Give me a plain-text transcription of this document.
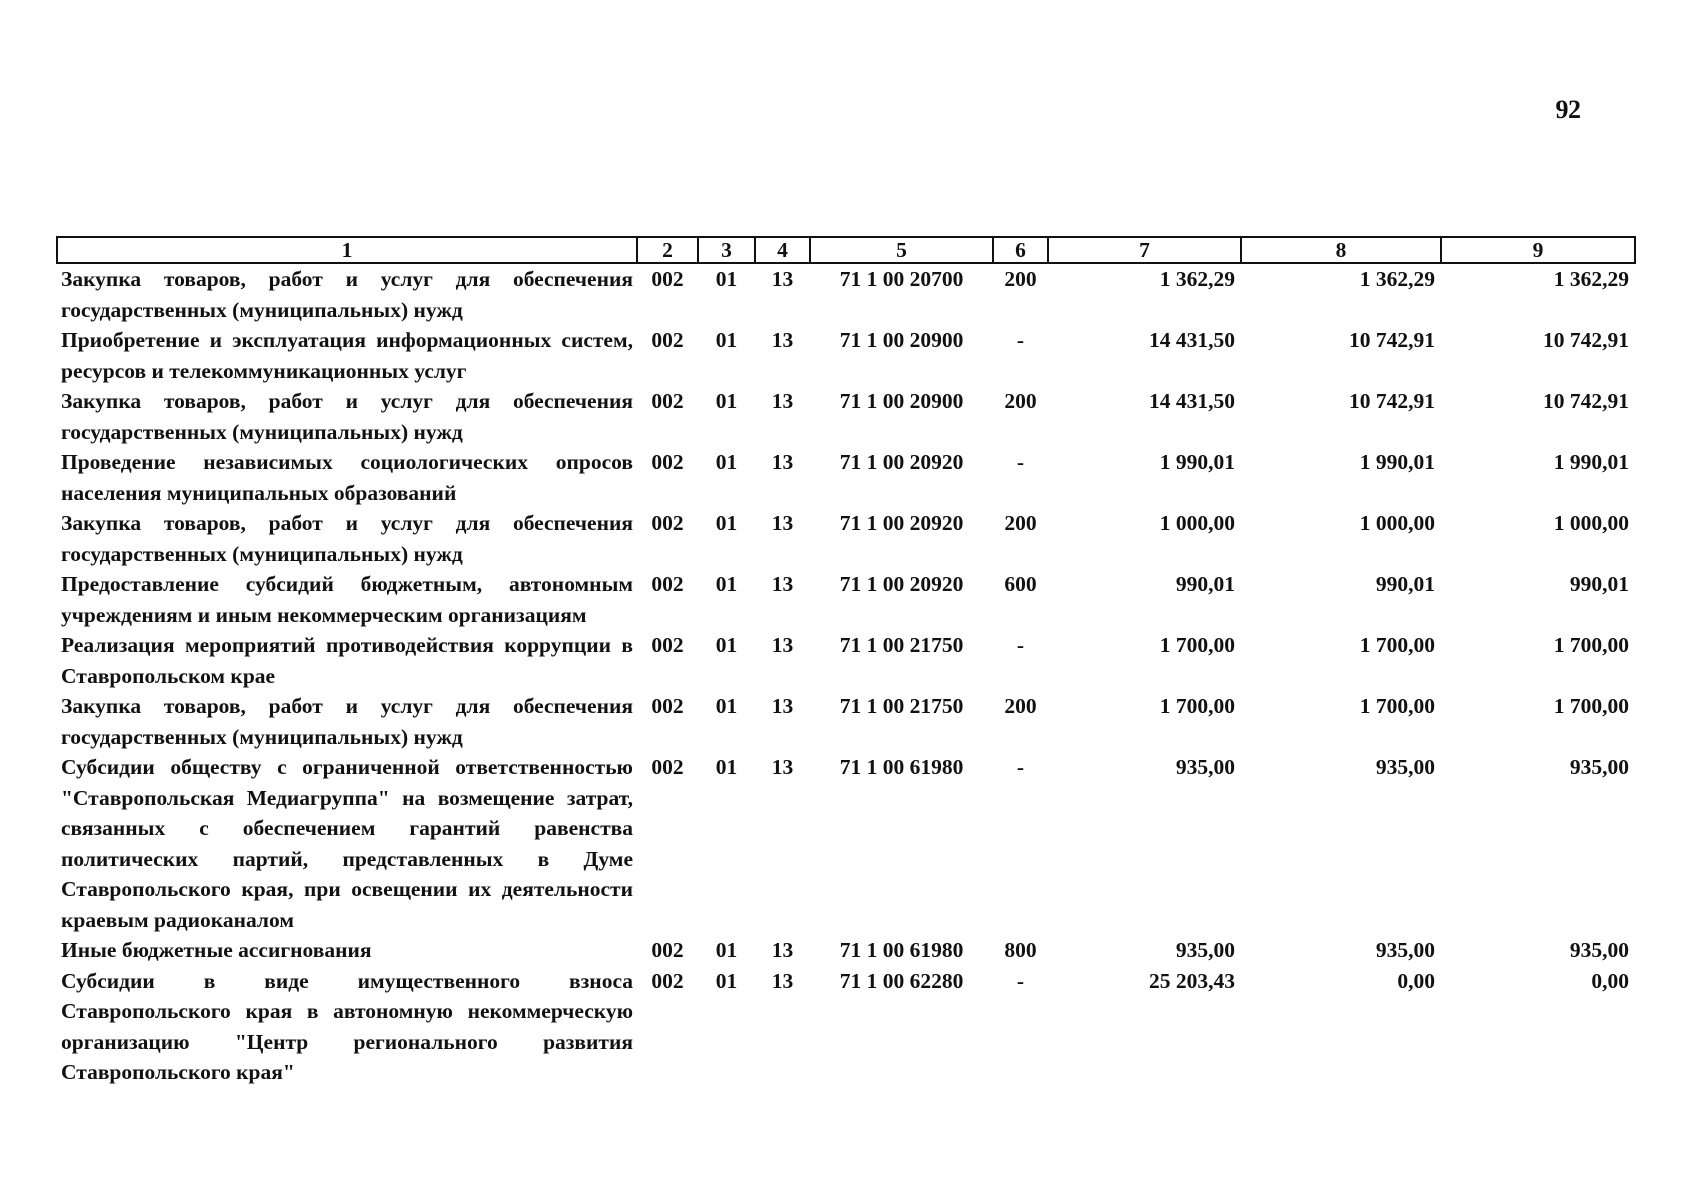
92
1	2	3	4	5	6	7	8	9
Закупка товаров, работ и услуг для обеспечения государственных (муниципальных) нужд	002	01	13	71 1 00 20700	200	1 362,29	1 362,29	1 362,29
Приобретение и эксплуатация информационных систем, ресурсов и телекоммуникационных услуг	002	01	13	71 1 00 20900	-	14 431,50	10 742,91	10 742,91
Закупка товаров, работ и услуг для обеспечения государственных (муниципальных) нужд	002	01	13	71 1 00 20900	200	14 431,50	10 742,91	10 742,91
Проведение независимых социологических опросов населения муниципальных образований	002	01	13	71 1 00 20920	-	1 990,01	1 990,01	1 990,01
Закупка товаров, работ и услуг для обеспечения государственных (муниципальных) нужд	002	01	13	71 1 00 20920	200	1 000,00	1 000,00	1 000,00
Предоставление субсидий бюджетным, автономным учреждениям и иным некоммерческим организациям	002	01	13	71 1 00 20920	600	990,01	990,01	990,01
Реализация мероприятий противодействия коррупции в Ставропольском крае	002	01	13	71 1 00 21750	-	1 700,00	1 700,00	1 700,00
Закупка товаров, работ и услуг для обеспечения государственных (муниципальных) нужд	002	01	13	71 1 00 21750	200	1 700,00	1 700,00	1 700,00
Субсидии обществу с ограниченной ответственностью "Ставропольская Медиагруппа" на возмещение затрат, связанных с обеспечением гарантий равенства политических партий, представленных в Думе Ставропольского края, при освещении их деятельности краевым радиоканалом	002	01	13	71 1 00 61980	-	935,00	935,00	935,00
Иные бюджетные ассигнования	002	01	13	71 1 00 61980	800	935,00	935,00	935,00
Субсидии в виде имущественного взноса Ставропольского края в автономную некоммерческую организацию "Центр регионального развития Ставропольского края"	002	01	13	71 1 00 62280	-	25 203,43	0,00	0,00
